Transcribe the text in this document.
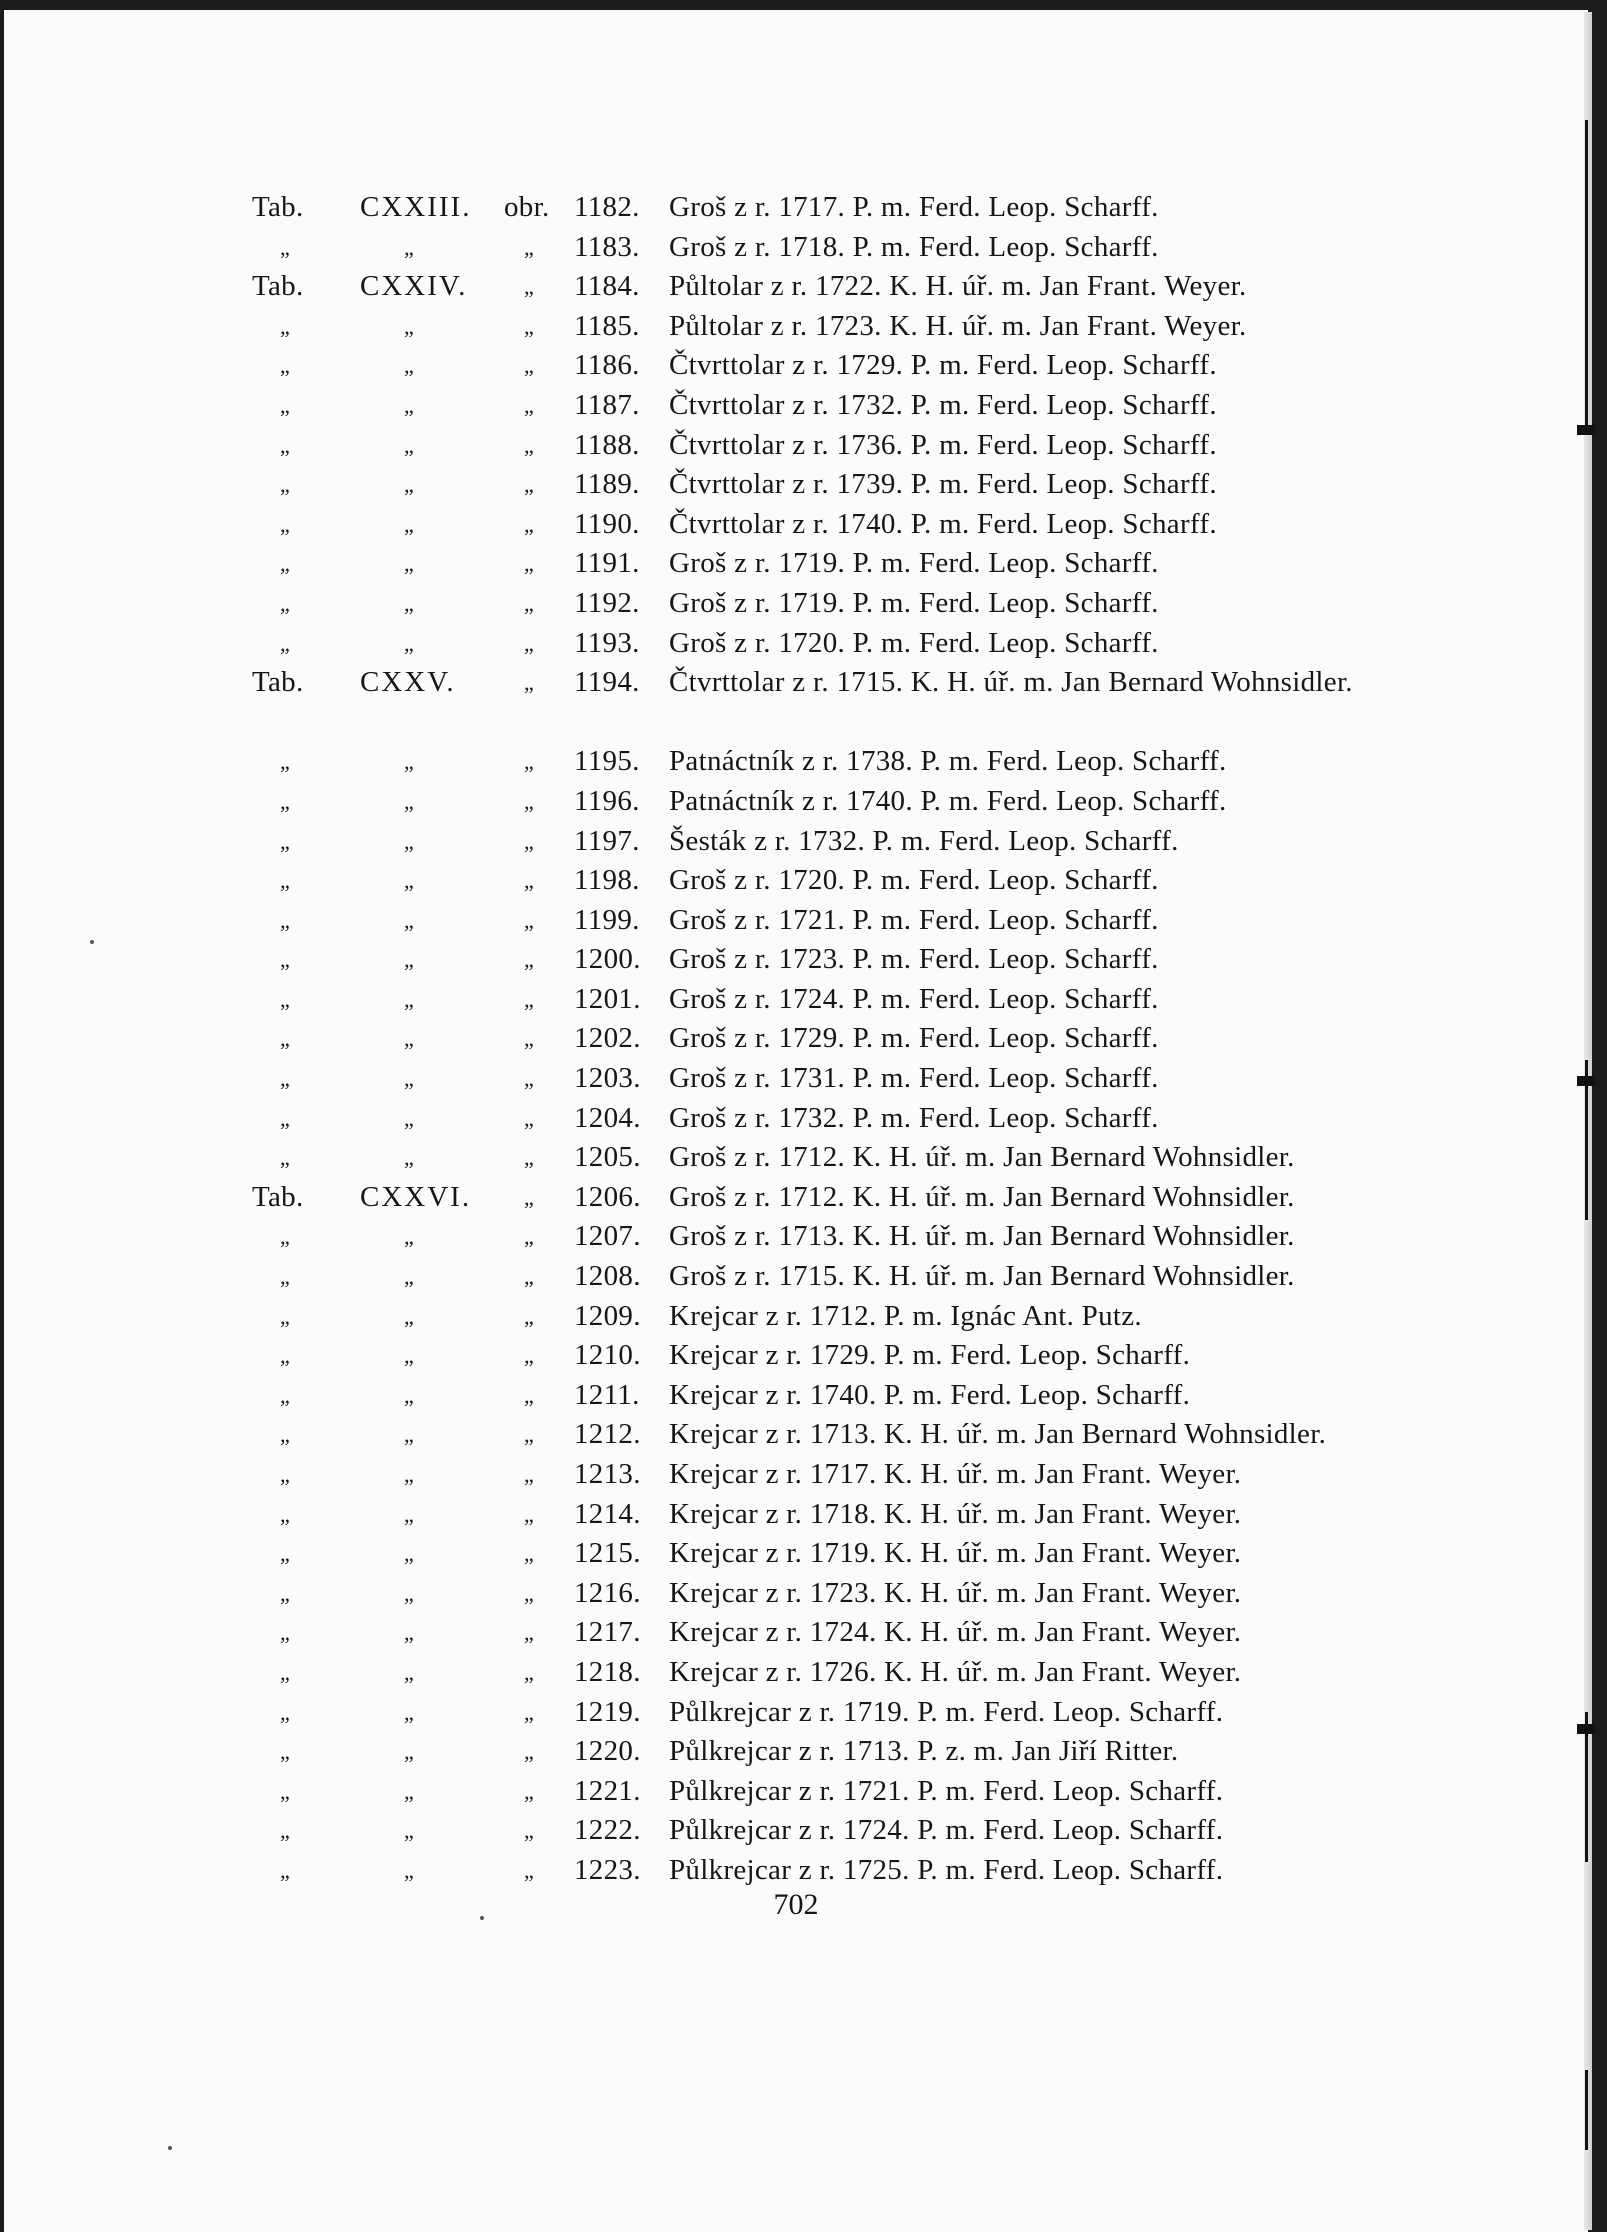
Tab.	CXXIII.	obr. 1182.	Groš z r. 1717. P. m. Ferd. Leop. Scharff.
„	„	„	1183.	Groš z r. 1718. P. m. Ferd. Leop. Scharff.
Tab.	CXXIV.	„	1184.	Půltolar z r. 1722. K. H. úř. m. Jan Frant. Weyer.
„	„	„	1185.	Půltolar z r. 1723. K. H. úř. m. Jan Frant. Weyer.
„	„	„	1186.	Čtvrttolar z r. 1729. P. m. Ferd. Leop. Scharff.
„	„	„	1187.	Čtvrttolar z r. 1732. P. m. Ferd. Leop. Scharff.
„	„	„	1188.	Čtvrttolar z r. 1736. P. m. Ferd. Leop. Scharff.
„	„	„	1189.	Čtvrttolar z r. 1739. P. m. Ferd. Leop. Scharff.
„	„	„	1190.	Čtvrttolar z r. 1740. P. m. Ferd. Leop. Scharff.
„	„	„	1191.	Groš z r. 1719. P. m. Ferd. Leop. Scharff.
„	„	„	1192.	Groš z r. 1719. P. m. Ferd. Leop. Scharff.
„	„	„	1193.	Groš z r. 1720. P. m. Ferd. Leop. Scharff.
Tab.	CXXV.	„	1194.	Čtvrttolar z r. 1715. K. H. úř. m. Jan Bernard Wohnsidler.
„	„	„	1195.	Patnáctník z r. 1738. P. m. Ferd. Leop. Scharff.
„	„	„	1196.	Patnáctník z r. 1740. P. m. Ferd. Leop. Scharff.
„	„	„	1197.	Šesták z r. 1732. P. m. Ferd. Leop. Scharff.
„	„	„	1198.	Groš z r. 1720. P. m. Ferd. Leop. Scharff.
„	„	„	1199.	Groš z r. 1721. P. m. Ferd. Leop. Scharff.
„	„	„	1200. Groš z r. 1723. P. m. Ferd. Leop. Scharff.
„	„	„	1201. Groš z r. 1724. P. m. Ferd. Leop. Scharff.
„	„	„	1202. Groš z r. 1729. P. m. Ferd. Leop. Scharff.
„	„	„	1203. Groš z r. 1731. P. m. Ferd. Leop. Scharff.
„	„	„	1204. Groš z r. 1732. P. m. Ferd. Leop. Scharff.
„	„	„	1205. Groš z r. 1712. K. H. úř. m. Jan Bernard Wohnsidler.
Tab.	CXXVI.	„	1206. Groš z r. 1712. K. H. úř. m. Jan Bernard Wohnsidler.
„	„	„	1207. Groš z r. 1713. K. H. úř. m. Jan Bernard Wohnsidler.
„	„	„	1208. Groš z r. 1715. K. H. úř. m. Jan Bernard Wohnsidler.
„	„	„	1209. Krejcar z r. 1712. P. m. Ignác Ant. Putz.
„	„	„	1210. Krejcar z r. 1729. P. m. Ferd. Leop. Scharff.
„	„	„	1211.	Krejcar z r. 1740. P. m. Ferd. Leop. Scharff.
„	„	„	1212. Krejcar z r. 1713. K. H. úř. m. Jan Bernard Wohnsidler.
„	„	„	1213. Krejcar z r. 1717. K. H. úř. m. Jan Frant. Weyer.
„	„	„	1214. Krejcar z r. 1718. K. H. úř. m. Jan Frant. Weyer.
„	„	„	1215. Krejcar z r. 1719. K. H. úř. m. Jan Frant. Weyer.
„	„	„	1216. Krejcar z r. 1723. K. H. úř. m. Jan Frant. Weyer.
„	„	„	1217. Krejcar z r. 1724. K. H. úř. m. Jan Frant. Weyer.
„	„	„	1218. Krejcar z r. 1726. K. H. úř. m. Jan Frant. Weyer.
„	„	„	1219. Půlkrejcar z r. 1719. P. m. Ferd. Leop. Scharff.
„	„	„	1220. Půlkrejcar z r. 1713. P. z. m. Jan Jiří Ritter.
„	„	„	1221. Půlkrejcar z r. 1721. P. m. Ferd. Leop. Scharff.
„	„	„	1222. Půlkrejcar z r. 1724. P. m. Ferd. Leop. Scharff.
„	„	„	1223. Půlkrejcar z r. 1725. P. m. Ferd. Leop. Scharff.
702
